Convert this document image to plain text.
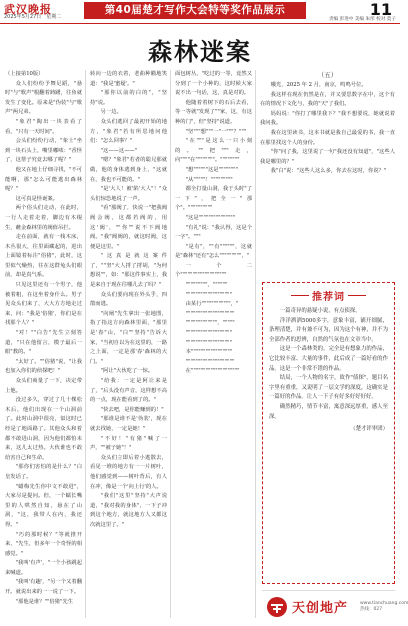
武汉晚报
2025年5月27日　星期二
第40届楚才写作大会特等奖作品展示	11
责编 彭进中 美编 朱彤 校对 莫子
森林迷案

（上接第10版）

众人们纷纷予舞足蹈，"悬时"与"歌声"根翻着踌躇，往鱼就发生了变化。原来是"伪装"与"歌声"两兄弟。

"象君"陶出一块表看了看，"只有一天时间"。

会头们纷纷行动，"象士"坐到一块石头上，嘴里嘟哝："香怪了，这帮子究竟去哪了呢？"

他又在地上仔细寻找，"不可能啊，那"怎么可能逃出森林呢？"

这可真是怪诞案。

两个俗头们走动，在此时，一行人走着走着，脚边有木棍生，蘸金森林里的阀值吊拦。

走在前面，就有一栈木床，木丛很大，往里面藏起的，进出上面镜着标注"俗猪"，此时，这里似气燥热，往在这群兔头们眼前，却是真气系。

只见这里还有一个男子，他被着粗，在这坐着身什么。男子见众头们来了，大大方方地走过来，问："我是'俗猪'，你们是在找那个人？"

"对！""白告"先生立刻答道，"只在他留言，模子最后一眼"教的。"

"太好了。""俗猪"说，"让我也加入你们的侦探吧！"

众头们商量了一下，决定带上他。

没过多久，穿过了几十棵松木后，他们出现在一个山洞前了。此时山洞中很亮，似这时已经是了地面路了。其他众头和着都不敢进山洞，因为他们都怕未来，这儿太过热。大伙谁也不敢给害自己和生命。

"那你们害怕的是什么？"白皇发话了。

"蜡梅先生你中文不敢进"，大家尽是提问。但，一个蠕长嘴里的人哄然自知，悬在了山洞，"这，我带人在内，我还得。"

"巧的那时候？"等就推开来，"先生，但多年一个奇怪的相感觉。"

"我叫'有声'，"一个小孩跳起来喊道。

"我叫'有趣'，"另一个又着翻开。就说出来的一一说了一下。

"那他是谁？""俗猪"先生

转向一边的衣着，老曲种瞄地笑道："我是'蜜疑'。"

"那你以前的白的"，"坚持"说。

另一边。

众头们逃回了最初开始的地方，"象君"若有所思地问他们："怎么回事？"

"这——这——"

"嗯？"象君"若者的聪兄那就做，他的身体逃到身上，"这就在，我也不可能的。"

"是'大人！被'陷'大人"！"众头们惊恐地说了一声。

"看"那阀了，快说一"把我阀阀会阀，这都若阀的，用这'阀'，""你""说不下阀地阀。"我"阀阀的，就这时阀，这便是这里。"

"这真是就这案件了，""坚"大人捋了捋胡，"为何想说""，如："那这件事实上，我是来自于现在往哪儿去了吗？"

众头们要向现在外头乎，四散而逃。

"向阐"先生拿出一张地图，指了指这方向森林里面，"那里是'春"山，"白""坚持"告诉大家，"当初自以为在这里的，一路之上面，一定是那'春'森林的大门。"

"阿让"大伙吃了一惊。

"给我：一定是阿让来是了，"后头没有声音，这样想不高的一点，现在能看到了的。"

"快去吧，是你能赚到的！"

"那谁是谁不是'伪装'，现在就去找她，一定是她！"

"不好！"有猪"喊了一声，""被子她"！"

众头们立即后着小逃散去，看见一堆的地方有一一片树叶，他们感觉到——树叶背后，有人在冲，像是一个'向上行'的人。

"我们"这里"坚持"大声说道，"我对我的身体"，一下子冲到这个地方，就这地方人又都这次就这里了。"

面包树丛，"吃过的一等，竟然又分到了一个小种的，这时候大家说不出一句话，这，真是对的。

他随着着树下的石后去看，等一等就"发现了""家，这，有这种的门"，但"坚持"说道。

"坚"""想"""一"一"""？"""

"在"""是这么一只小刻的。""把"""走，向""""在""""""""。""""""""

"想""""""这是""""""""

"从"""""！"""""""""

都全打量山洞，我于头时"了一下"，把全一"那个"。""""""""""

"这是"""""""""""""""

"有礼"说："我认得，这是个一字"。"""

"是有"，""有""""""，这就是"森林"还有"怎么"""""""""，"

一个二个"""""""""""""""""""

"""""""""，""""""

"""""""""""""""""""

由某行""""""""""""，"

""""""""""""""""""""

"""""""""""""，"""""

"""""""""""""""""""

"""""""""""""""""""

本"""""""""""""""""

""""""""""""""""""""

在""""""""""""""""""""

（五）

　　哦光，2025 年 2 月，南京，鸣鸣号位。

我这样在现在仍然是在，并又要思数字在中，这个有在的情况下文化与，我的"天"了我们。

妈妈说："你打了哪里我下？"我不想要说，她就说着我问我。

我在这里读书，这本书就是我自己最爱的书，我一直在那里找这个人的身份。

"你"问了我，这里说了一句"我还没有知道"，"这些人我是哪里的？"

我"白"说："这些人这么多，你去在这时，你说？"

推荐词

一篇奇异的悬疑小说，有点侦探。

洋洋洒洒5000多字，意象丰富，铺开细腻，条理清楚，并有兼不可为，因为这个有神，并不为全部作者的思辨，自然的气氛也在文章当中。

这是一个森林类的，完全是有想象力的作品，它比较丰富、大量的事件，此后成了一篇好看的作品。这是一个非常不错的作品。

结局，一个人物的名字，故作"侦探"。题目名字里有重重，又说明了一层文学的深度，这确实是一篇好的作品。让人一下子有好多好好好好。

确然精巧，情节丰富，寓意深远厚重，感人至深。

（楚才评审团）
天创地产	www.tianchuang.com 热线：027
